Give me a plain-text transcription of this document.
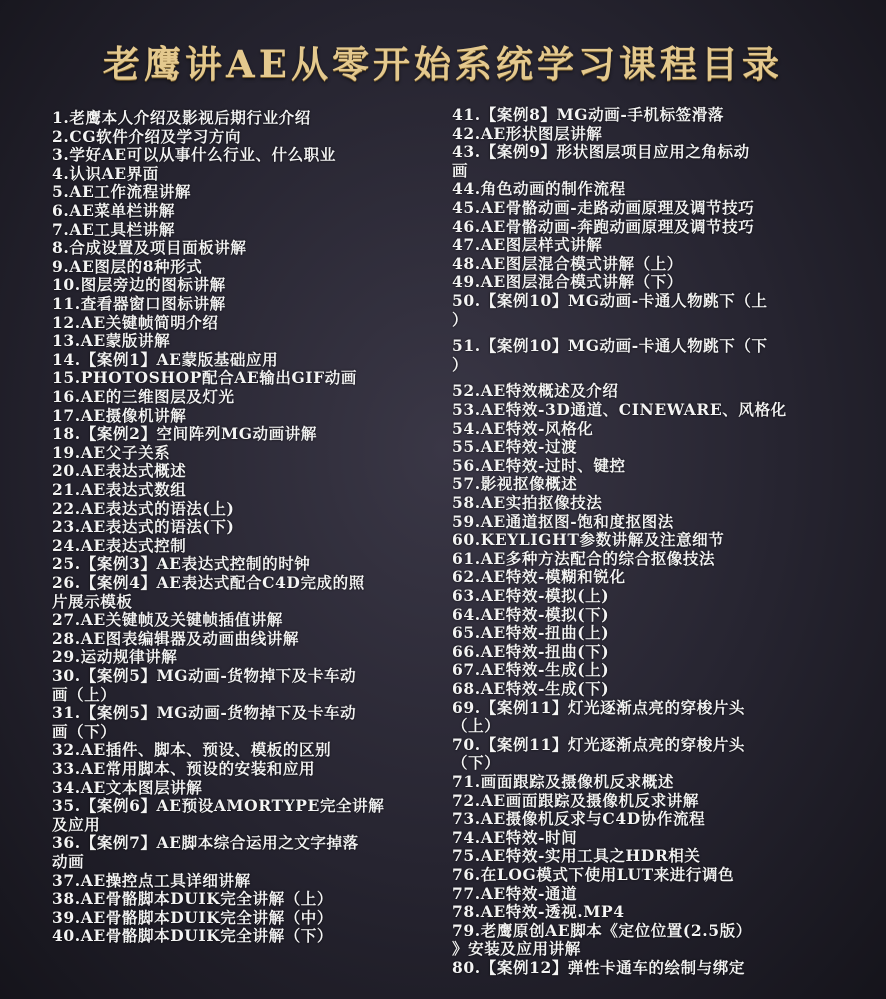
老鹰讲AE从零开始系统学习课程目录
1.老鹰本人介绍及影视后期行业介绍
2.CG软件介绍及学习方向
3.学好AE可以从事什么行业、什么职业
4.认识AE界面
5.AE工作流程讲解
6.AE菜单栏讲解
7.AE工具栏讲解
8.合成设置及项目面板讲解
9.AE图层的8种形式
10.图层旁边的图标讲解
11.查看器窗口图标讲解
12.AE关键帧简明介绍
13.AE蒙版讲解
14.【案例1】AE蒙版基础应用
15.PHOTOSHOP配合AE输出GIF动画
16.AE的三维图层及灯光
17.AE摄像机讲解
18.【案例2】空间阵列MG动画讲解
19.AE父子关系
20.AE表达式概述
21.AE表达式数组
22.AE表达式的语法(上)
23.AE表达式的语法(下)
24.AE表达式控制
25.【案例3】AE表达式控制的时钟
26.【案例4】AE表达式配合C4D完成的照
片展示模板
27.AE关键帧及关键帧插值讲解
28.AE图表编辑器及动画曲线讲解
29.运动规律讲解
30.【案例5】MG动画-货物掉下及卡车动
画（上）
31.【案例5】MG动画-货物掉下及卡车动
画（下）
32.AE插件、脚本、预设、模板的区别
33.AE常用脚本、预设的安装和应用
34.AE文本图层讲解
35.【案例6】AE预设AMORTYPE完全讲解
及应用
36.【案例7】AE脚本综合运用之文字掉落
动画
37.AE操控点工具详细讲解
38.AE骨骼脚本DUIK完全讲解（上）
39.AE骨骼脚本DUIK完全讲解（中）
40.AE骨骼脚本DUIK完全讲解（下）
41.【案例8】MG动画-手机标签滑落
42.AE形状图层讲解
43.【案例9】形状图层项目应用之角标动
画
44.角色动画的制作流程
45.AE骨骼动画-走路动画原理及调节技巧
46.AE骨骼动画-奔跑动画原理及调节技巧
47.AE图层样式讲解
48.AE图层混合模式讲解（上）
49.AE图层混合模式讲解（下）
50.【案例10】MG动画-卡通人物跳下（上
）
51.【案例10】MG动画-卡通人物跳下（下
）
52.AE特效概述及介绍
53.AE特效-3D通道、CINEWARE、风格化
54.AE特效-风格化
55.AE特效-过渡
56.AE特效-过时、键控
57.影视抠像概述
58.AE实拍抠像技法
59.AE通道抠图-饱和度抠图法
60.KEYLIGHT参数讲解及注意细节
61.AE多种方法配合的综合抠像技法
62.AE特效-模糊和锐化
63.AE特效-模拟(上)
64.AE特效-模拟(下)
65.AE特效-扭曲(上)
66.AE特效-扭曲(下)
67.AE特效-生成(上)
68.AE特效-生成(下)
69.【案例11】灯光逐渐点亮的穿梭片头
（上）
70.【案例11】灯光逐渐点亮的穿梭片头
（下）
71.画面跟踪及摄像机反求概述
72.AE画面跟踪及摄像机反求讲解
73.AE摄像机反求与C4D协作流程
74.AE特效-时间
75.AE特效-实用工具之HDR相关
76.在LOG模式下使用LUT来进行调色
77.AE特效-通道
78.AE特效-透视.MP4
79.老鹰原创AE脚本《定位位置(2.5版）
》安装及应用讲解
80.【案例12】弹性卡通车的绘制与绑定
